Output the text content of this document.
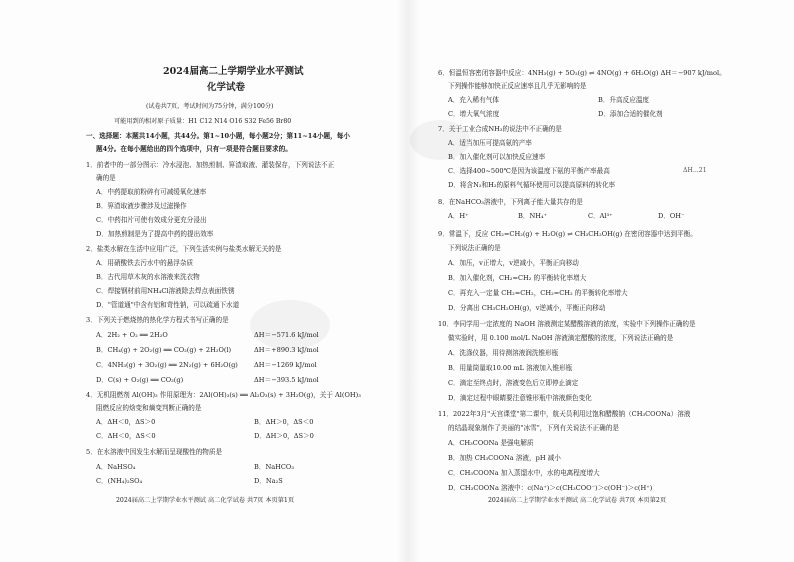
2024届高二上学期学业水平测试
化学试卷
(试卷共7页，考试时间为75分钟，满分100分)
可能用到的相对原子质量：H1 C12 N14 O16 S32 Fe56 Br80
一、选择题：本题共14小题，共44分。第1~10小题，每小题2分；第11~14小题，每小
题4分。在每小题给出的四个选项中，只有一项是符合题目要求的。
1．前者中的一部分图示：冷水浸泡、加热煎制、箅渣取液、灌装保存，下列说法不正
确的是
A．中药提取前粉碎有可减缓氧化速率
B．箅渣取液步骤涉及过滤操作
C．中药扣片可使有效成分更充分浸出
D．加热煎制是为了提高中药的提出效率
2．盐类水解在生活中应用广泛，下列生活实例与盐类水解无关的是
A．用硝酸铁去污水中的悬浮杂质
B．古代用草木灰的水溶液来洗衣物
C．焊接钢材前用NH₄Cl溶液除去焊点表面铁锈
D．"管道通"中含有铝和苛性钠，可以疏通下水道
3．下列关于燃烧热的热化学方程式书写正确的是
A．2H₂ + O₂ ══ 2H₂O	ΔH＝−571.6 kJ/mol
B．CH₄(g) + 2O₂(g) ══ CO₂(g) + 2H₂O(l)	ΔH＝+890.3 kJ/mol
C．4NH₃(g) + 3O₂(g) ══ 2N₂(g) + 6H₂O(g) ΔH＝−1269 kJ/mol
D．C(s) + O₂(g) ══ CO₂(g)	ΔH＝−393.5 kJ/mol
4．无机阻燃剂 Al(OH)₃ 作用原理为：2Al(OH)₃(s) ══ Al₂O₃(s) + 3H₂O(g)，关于 Al(OH)₃
阻燃反应的焓变和熵变判断正确的是
A．ΔH＜0，ΔS＞0	B．ΔH＞0，ΔS＜0
C．ΔH＜0，ΔS＜0	D．ΔH＞0，ΔS＞0
5．在水溶液中因发生水解而呈现酸性的物质是
A．NaHSO₄	B．NaHCO₃
C．(NH₄)₂SO₄	D．Na₂S
2024届高二上学期学业水平测试 高二化学试卷 共7页 本页第1页
6．恒温恒容密闭容器中反应：4NH₃(g) + 5O₂(g) ⇌ 4NO(g) + 6H₂O(g) ΔH＝−907 kJ/mol。
下列操作能够加快正反应速率且几乎无影响的是
A．充入稀有气体	B．升高反应温度
C．增大氧气浓度	D．添加合适的催化剂
7．关于工业合成NH₃的说法中不正确的是
A．适当加压可提高氨的产率
B．加入催化剂可以加快反应速率
C．选择400~500℃是因为该温度下氨的平衡产率最高	ΔH...21
D．将含N₂和H₂的原料气循环使用可以提高原料的转化率
8．在NaHCO₃溶液中，下列离子能大量共存的是
A．H⁺	B．NH₄⁺	C．Al³⁺	D．OH⁻
9．常温下，反应 CH₂=CH₂(g) + H₂O(g) ⇌ CH₃CH₂OH(g) 在密闭容器中达到平衡。
下列说法正确的是
A．加压，v正增大，v逆减小，平衡正向移动
B．加入催化剂，CH₂=CH₂ 的平衡转化率增大
C．再充入一定量 CH₂=CH₂，CH₂=CH₂ 的平衡转化率增大
D．分离出 CH₃CH₂OH(g)，v逆减小，平衡正向移动
10．李同学用一定浓度的 NaOH 溶液测定某醋酸溶液的浓度，实验中下列操作正确的是
做实验时，用 0.100 mol/L NaOH 溶液滴定醋酸的浓度，下列说法正确的是
A．洗涤仪器，用待测溶液润洗锥形瓶
B．用量筒量取10.00 mL 溶液加入锥形瓶
C．滴定至终点时，溶液变色后立即停止滴定
D．滴定过程中眼睛要注意锥形瓶中溶液颜色变化
11．2022年3月"天宫课堂"第二课中，航天员利用过饱和醋酸钠（CH₃COONa）溶液
的结晶现象制作了美丽的"冰雪"，下列有关说法不正确的是
A．CH₃COONa 是强电解质
B．加热 CH₃COONa 溶液，pH 减小
C．CH₃COONa 加入蒸馏水中，水的电离程度增大
D．CH₃COONa 溶液中：c(Na⁺)＞c(CH₃COO⁻)＞c(OH⁻)＞c(H⁺)
2024届高二上学期学业水平测试 高二化学试卷 共7页 本页第2页
